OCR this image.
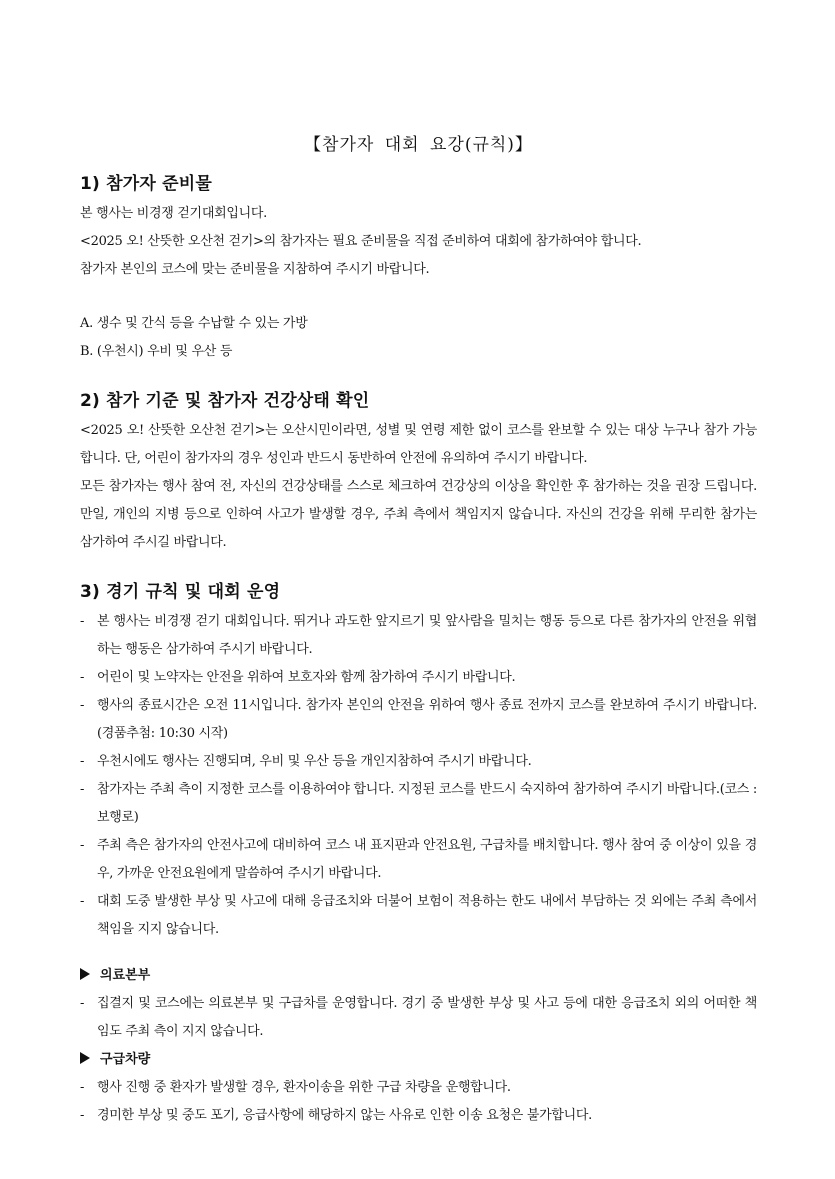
【참가자 대회 요강(규칙)】
1) 참가자 준비물

본 행사는 비경쟁 걷기대회입니다.

<2025 오! 산뜻한 오산천 걷기>의 참가자는 필요 준비물을 직접 준비하여 대회에 참가하여야 합니다.

참가자 본인의 코스에 맞는 준비물을 지참하여 주시기 바랍니다.

A. 생수 및 간식 등을 수납할 수 있는 가방
B. (우천시) 우비 및 우산 등
2) 참가 기준 및 참가자 건강상태 확인

<2025 오! 산뜻한 오산천 걷기>는 오산시민이라면, 성별 및 연령 제한 없이 코스를 완보할 수 있는 대상 누구나 참가 가능합니다. 단, 어린이 참가자의 경우 성인과 반드시 동반하여 안전에 유의하여 주시기 바랍니다.

모든 참가자는 행사 참여 전, 자신의 건강상태를 스스로 체크하여 건강상의 이상을 확인한 후 참가하는 것을 권장 드립니다. 만일, 개인의 지병 등으로 인하여 사고가 발생할 경우, 주최 측에서 책임지지 않습니다. 자신의 건강을 위해 무리한 참가는 삼가하여 주시길 바랍니다.

3) 경기 규칙 및 대회 운영
- 본 행사는 비경쟁 걷기 대회입니다. 뛰거나 과도한 앞지르기 및 앞사람을 밀치는 행동 등으로 다른 참가자의 안전을 위협하는 행동은 삼가하여 주시기 바랍니다.
- 어린이 및 노약자는 안전을 위하여 보호자와 함께 참가하여 주시기 바랍니다.
- 행사의 종료시간은 오전 11시입니다. 참가자 본인의 안전을 위하여 행사 종료 전까지 코스를 완보하여 주시기 바랍니다.(경품추첨: 10:30 시작)
- 우천시에도 행사는 진행되며, 우비 및 우산 등을 개인지참하여 주시기 바랍니다.
- 참가자는 주최 측이 지정한 코스를 이용하여야 합니다. 지정된 코스를 반드시 숙지하여 참가하여 주시기 바랍니다.(코스 : 보행로)
- 주최 측은 참가자의 안전사고에 대비하여 코스 내 표지판과 안전요원, 구급차를 배치합니다. 행사 참여 중 이상이 있을 경우, 가까운 안전요원에게 말씀하여 주시기 바랍니다.
- 대회 도중 발생한 부상 및 사고에 대해 응급조치와 더불어 보험이 적용하는 한도 내에서 부담하는 것 외에는 주최 측에서 책임을 지지 않습니다.

의료본부

- 집결지 및 코스에는 의료본부 및 구급차를 운영합니다. 경기 중 발생한 부상 및 사고 등에 대한 응급조치 외의 어떠한 책임도 주최 측이 지지 않습니다.

구급차량

- 행사 진행 중 환자가 발생할 경우, 환자이송을 위한 구급 차량을 운행합니다.
- 경미한 부상 및 중도 포기, 응급사항에 해당하지 않는 사유로 인한 이송 요청은 불가합니다.
